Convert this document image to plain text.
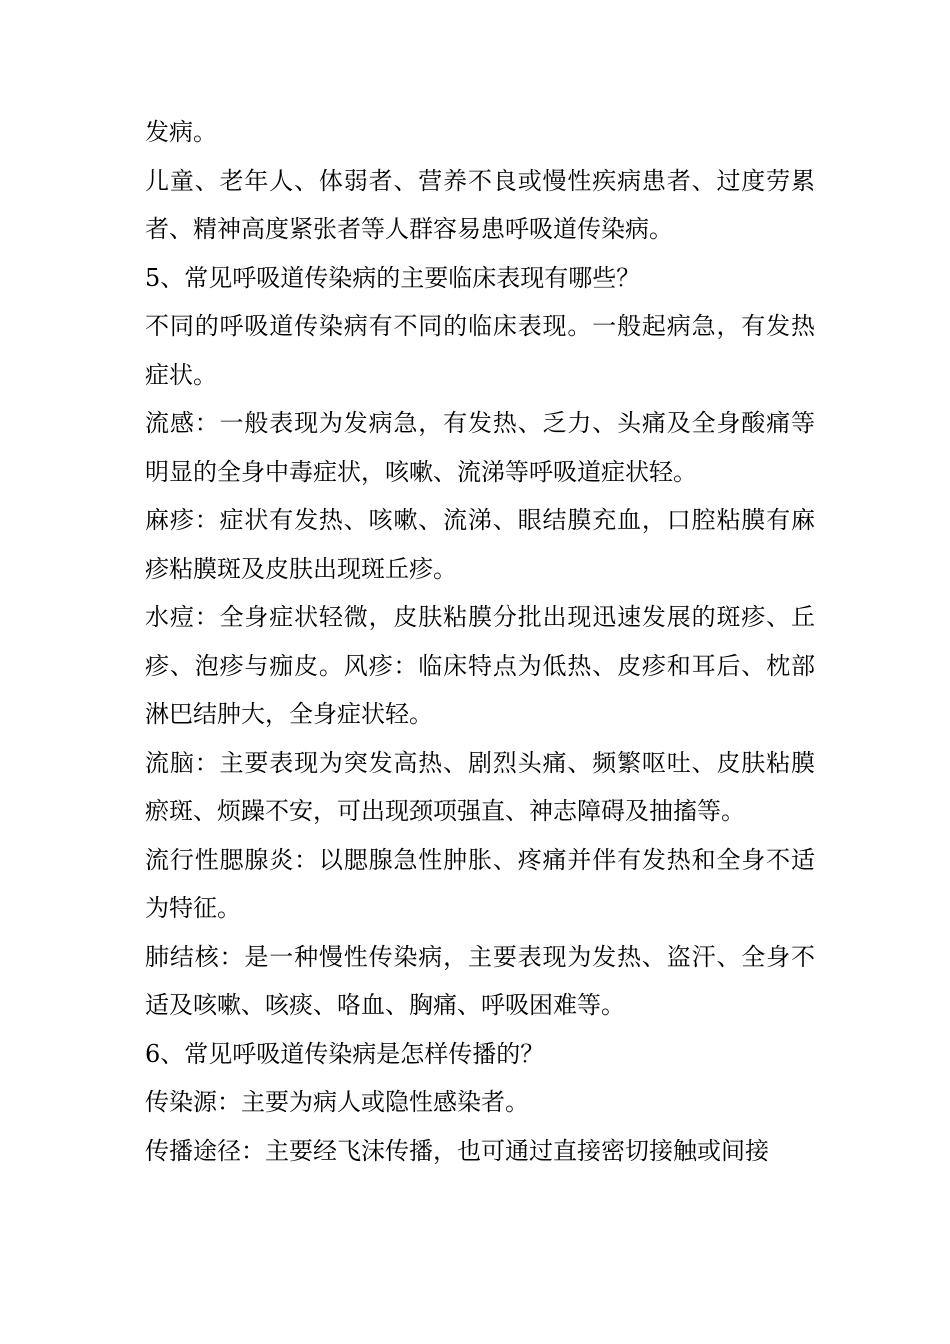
发病。

儿童、老年人、体弱者、营养不良或慢性疾病患者、过度劳累者、精神高度紧张者等人群容易患呼吸道传染病。

5、常见呼吸道传染病的主要临床表现有哪些？

不同的呼吸道传染病有不同的临床表现。一般起病急，有发热症状。

流感：一般表现为发病急，有发热、乏力、头痛及全身酸痛等明显的全身中毒症状，咳嗽、流涕等呼吸道症状轻。

麻疹：症状有发热、咳嗽、流涕、眼结膜充血，口腔粘膜有麻疹粘膜斑及皮肤出现斑丘疹。

水痘：全身症状轻微，皮肤粘膜分批出现迅速发展的斑疹、丘疹、泡疹与痂皮。风疹：临床特点为低热、皮疹和耳后、枕部淋巴结肿大，全身症状轻。

流脑：主要表现为突发高热、剧烈头痛、频繁呕吐、皮肤粘膜瘀斑、烦躁不安，可出现颈项强直、神志障碍及抽搐等。

流行性腮腺炎：以腮腺急性肿胀、疼痛并伴有发热和全身不适为特征。

肺结核：是一种慢性传染病，主要表现为发热、盗汗、全身不适及咳嗽、咳痰、咯血、胸痛、呼吸困难等。

6、常见呼吸道传染病是怎样传播的？

传染源：主要为病人或隐性感染者。

传播途径：主要经飞沫传播，也可通过直接密切接触或间接
